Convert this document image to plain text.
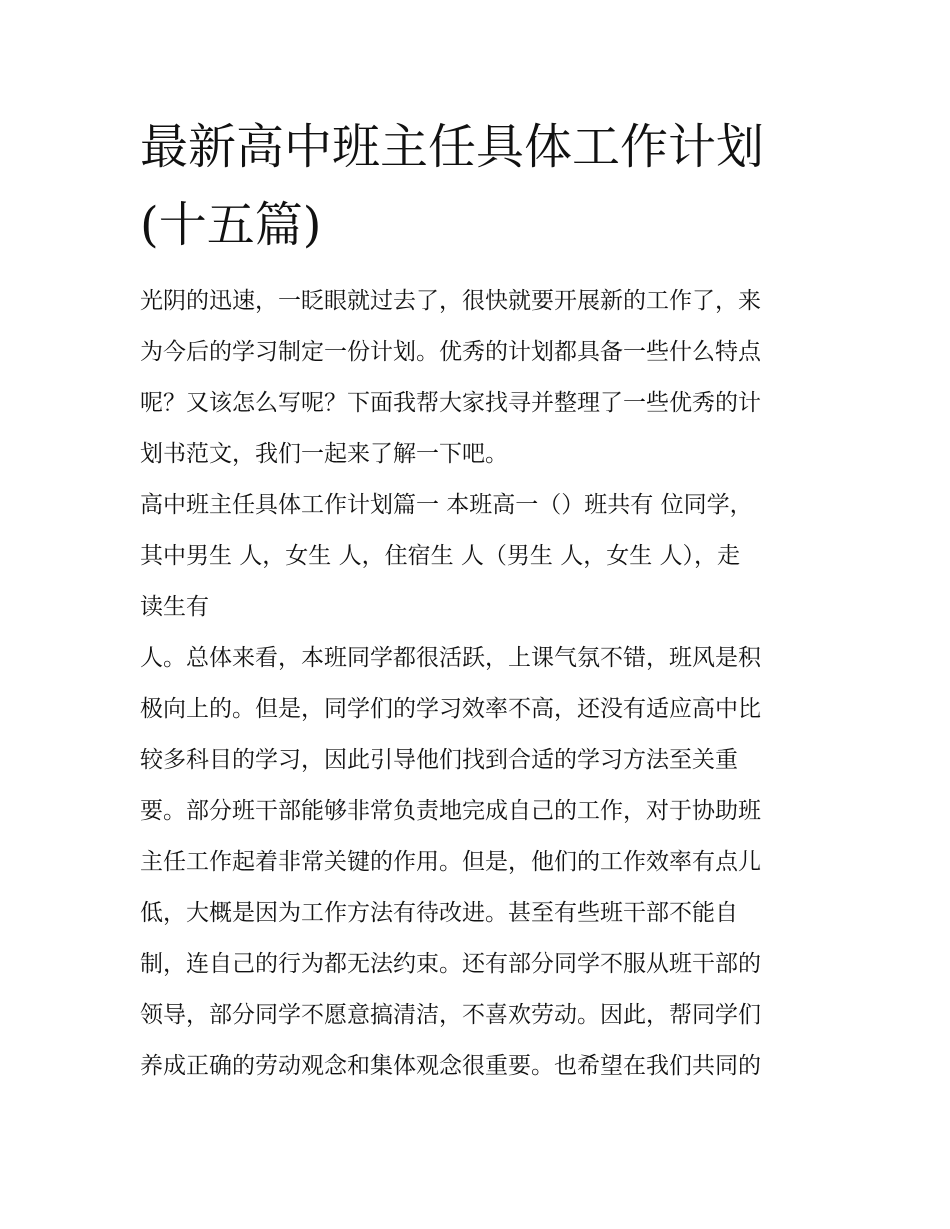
最新高中班主任具体工作计划
(十五篇)
光阴的迅速，一眨眼就过去了，很快就要开展新的工作了，来
为今后的学习制定一份计划。优秀的计划都具备一些什么特点
呢？又该怎么写呢？下面我帮大家找寻并整理了一些优秀的计
划书范文，我们一起来了解一下吧。
高中班主任具体工作计划篇一 本班高一（）班共有 位同学，
其中男生 人，女生 人，住宿生 人（男生 人，女生 人），走
读生有
人。总体来看，本班同学都很活跃，上课气氛不错，班风是积
极向上的。但是，同学们的学习效率不高，还没有适应高中比
较多科目的学习，因此引导他们找到合适的学习方法至关重
要。部分班干部能够非常负责地完成自己的工作，对于协助班
主任工作起着非常关键的作用。但是，他们的工作效率有点儿
低，大概是因为工作方法有待改进。甚至有些班干部不能自
制，连自己的行为都无法约束。还有部分同学不服从班干部的
领导，部分同学不愿意搞清洁，不喜欢劳动。因此，帮同学们
养成正确的劳动观念和集体观念很重要。也希望在我们共同的
